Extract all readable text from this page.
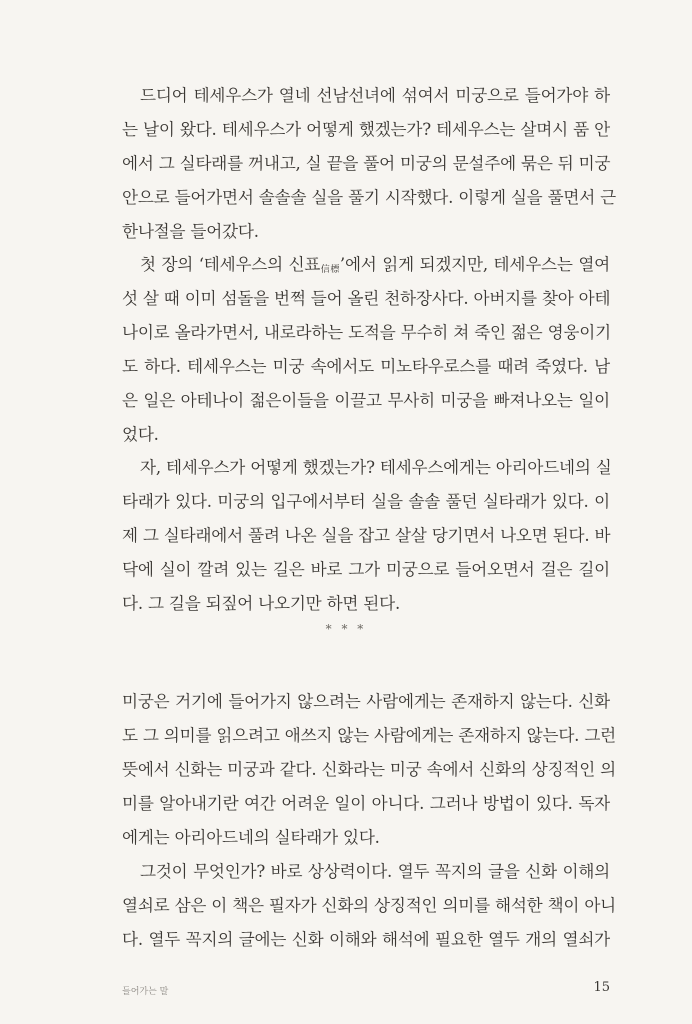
드디어 테세우스가 열네 선남선녀에 섞여서 미궁으로 들어가야 하
는 날이 왔다. 테세우스가 어떻게 했겠는가? 테세우스는 살며시 품 안
에서 그 실타래를 꺼내고, 실 끝을 풀어 미궁의 문설주에 묶은 뒤 미궁
안으로 들어가면서 솔솔솔 실을 풀기 시작했다. 이렇게 실을 풀면서 근
한나절을 들어갔다.
첫 장의 ‘테세우스의 신표信標’에서 읽게 되겠지만, 테세우스는 열여
섯 살 때 이미 섬돌을 번쩍 들어 올린 천하장사다. 아버지를 찾아 아테
나이로 올라가면서, 내로라하는 도적을 무수히 쳐 죽인 젊은 영웅이기
도 하다. 테세우스는 미궁 속에서도 미노타우로스를 때려 죽였다. 남
은 일은 아테나이 젊은이들을 이끌고 무사히 미궁을 빠져나오는 일이
었다.
자, 테세우스가 어떻게 했겠는가? 테세우스에게는 아리아드네의 실
타래가 있다. 미궁의 입구에서부터 실을 솔솔 풀던 실타래가 있다. 이
제 그 실타래에서 풀려 나온 실을 잡고 살살 당기면서 나오면 된다. 바
닥에 실이 깔려 있는 길은 바로 그가 미궁으로 들어오면서 걸은 길이
다. 그 길을 되짚어 나오기만 하면 된다.
* * *
미궁은 거기에 들어가지 않으려는 사람에게는 존재하지 않는다. 신화
도 그 의미를 읽으려고 애쓰지 않는 사람에게는 존재하지 않는다. 그런
뜻에서 신화는 미궁과 같다. 신화라는 미궁 속에서 신화의 상징적인 의
미를 알아내기란 여간 어려운 일이 아니다. 그러나 방법이 있다. 독자
에게는 아리아드네의 실타래가 있다.
그것이 무엇인가? 바로 상상력이다. 열두 꼭지의 글을 신화 이해의
열쇠로 삼은 이 책은 필자가 신화의 상징적인 의미를 해석한 책이 아니
다. 열두 꼭지의 글에는 신화 이해와 해석에 필요한 열두 개의 열쇠가
들어가는 말	15
